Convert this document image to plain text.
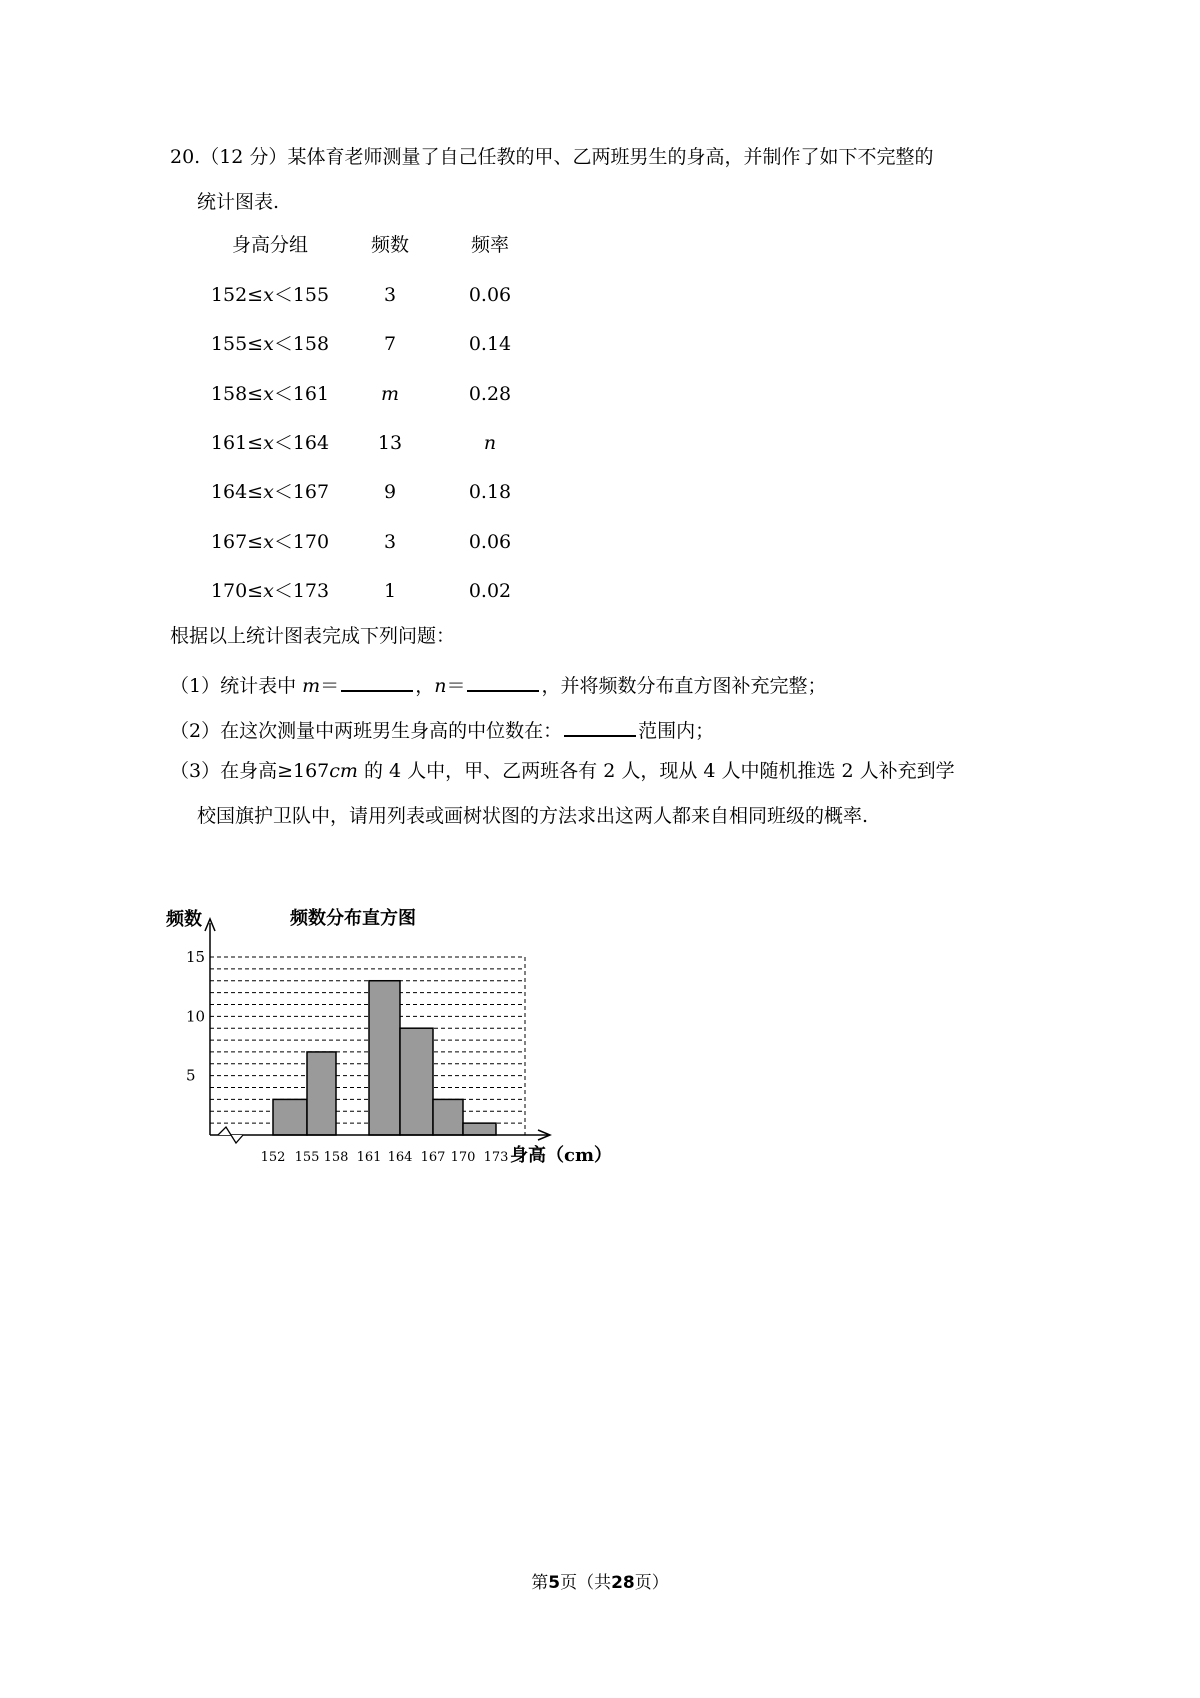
20.（12 分）某体育老师测量了自己任教的甲、乙两班男生的身高，并制作了如下不完整的
统计图表.
身高分组	频数	频率
152≤x＜155	3	0.06
155≤x＜158	7	0.14
158≤x＜161	m	0.28
161≤x＜164	13	n
164≤x＜167	9	0.18
167≤x＜170	3	0.06
170≤x＜173	1	0.02
根据以上统计图表完成下列问题：
（1）统计表中 m＝	，n＝	，并将频数分布直方图补充完整；
（2）在这次测量中两班男生身高的中位数在：	范围内；
（3）在身高≥167cm 的 4 人中，甲、乙两班各有 2 人，现从 4 人中随机推选 2 人补充到学
校国旗护卫队中，请用列表或画树状图的方法求出这两人都来自相同班级的概率.
5
10
15
152 155 158 161 164 167 170 173
频数	频数分布直方图
身高（cm）
第5页（共28页）
